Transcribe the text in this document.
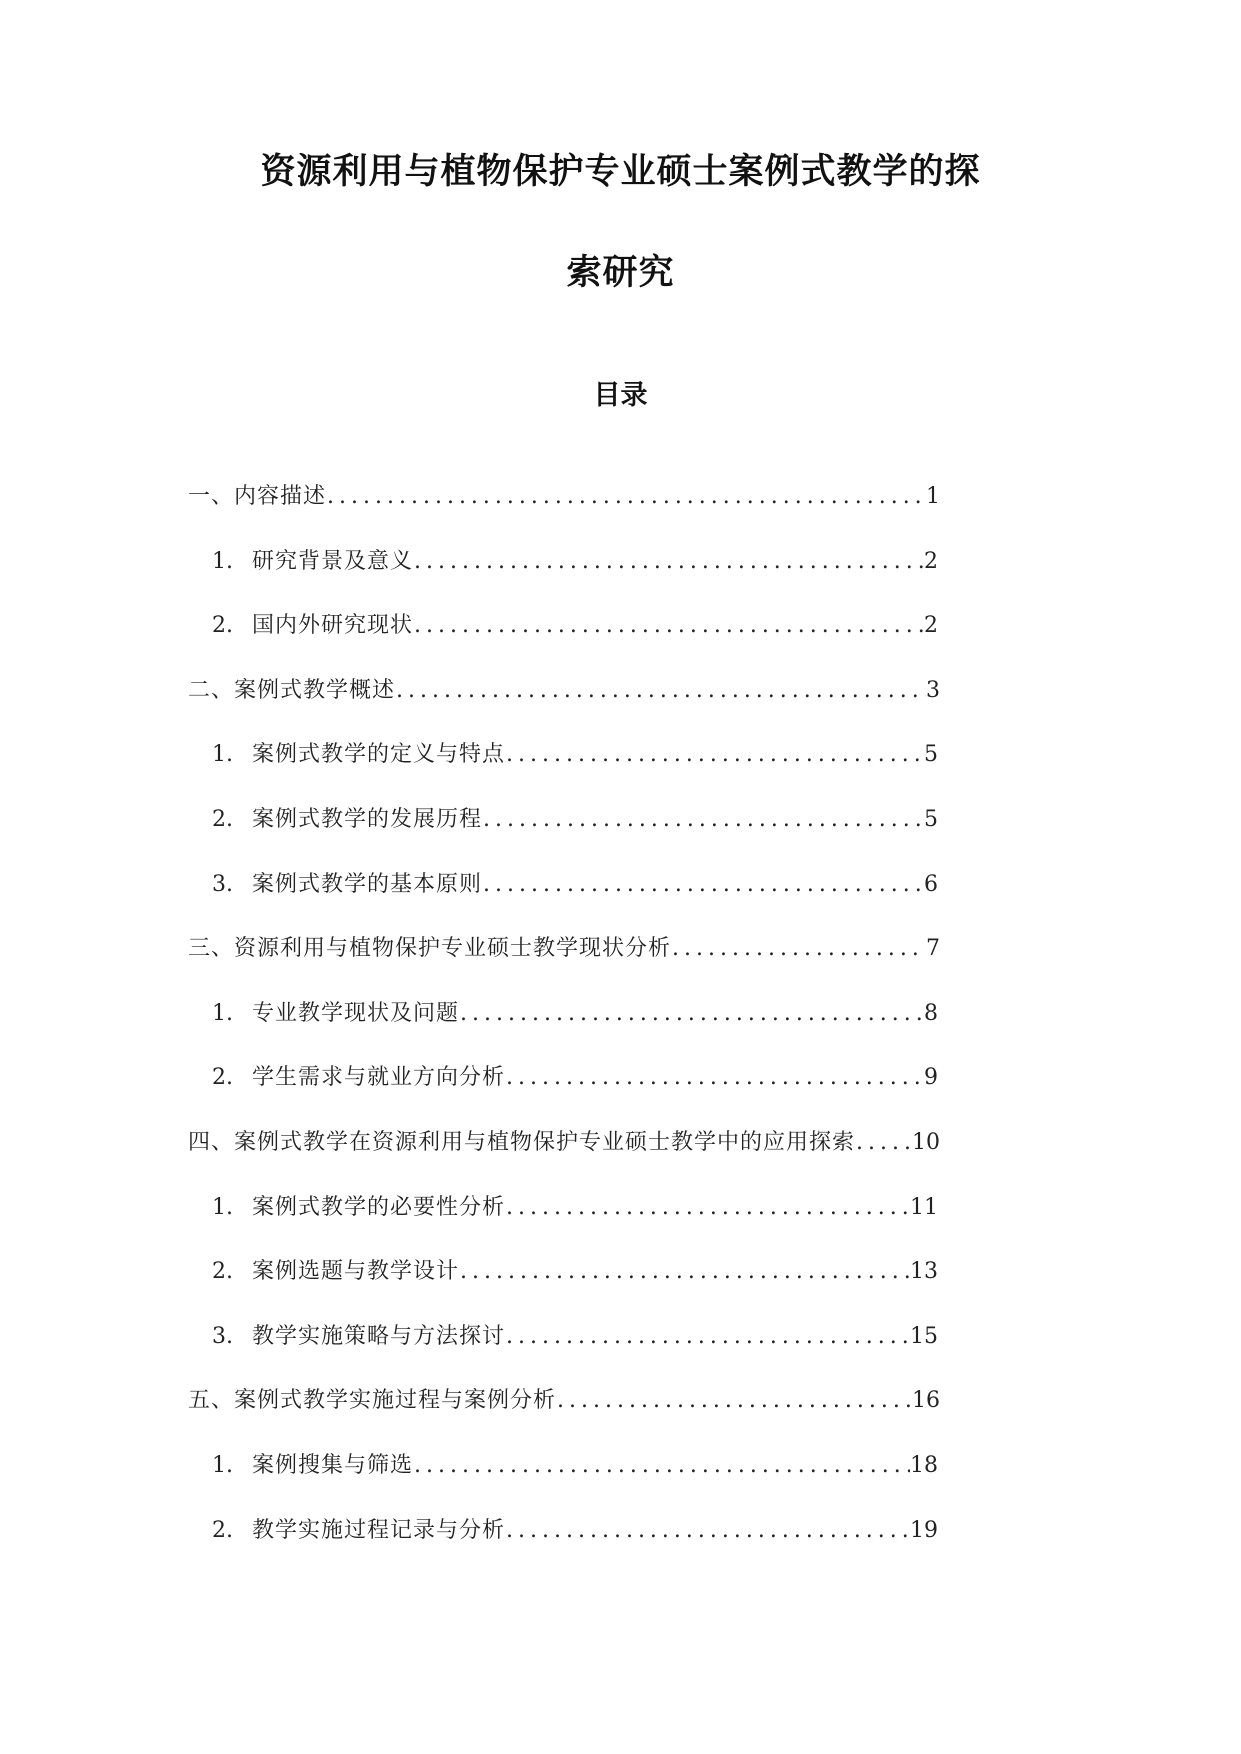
资源利用与植物保护专业硕士案例式教学的探
索研究
目录
一、内容描述 .....	1
1. 研究背景及意义 .....	2
2. 国内外研究现状 .....	2
二、案例式教学概述 .....	3
1. 案例式教学的定义与特点 .....	5
2. 案例式教学的发展历程 .....	5
3. 案例式教学的基本原则 .....	6
三、资源利用与植物保护专业硕士教学现状分析 .....	7
1. 专业教学现状及问题 .....	8
2. 学生需求与就业方向分析 .....	9
四、案例式教学在资源利用与植物保护专业硕士教学中的应用探索 .....	10
1. 案例式教学的必要性分析 .....	11
2. 案例选题与教学设计 .....	13
3. 教学实施策略与方法探讨 .....	15
五、案例式教学实施过程与案例分析 .....	16
1. 案例搜集与筛选 .....	18
2. 教学实施过程记录与分析 .....	19
